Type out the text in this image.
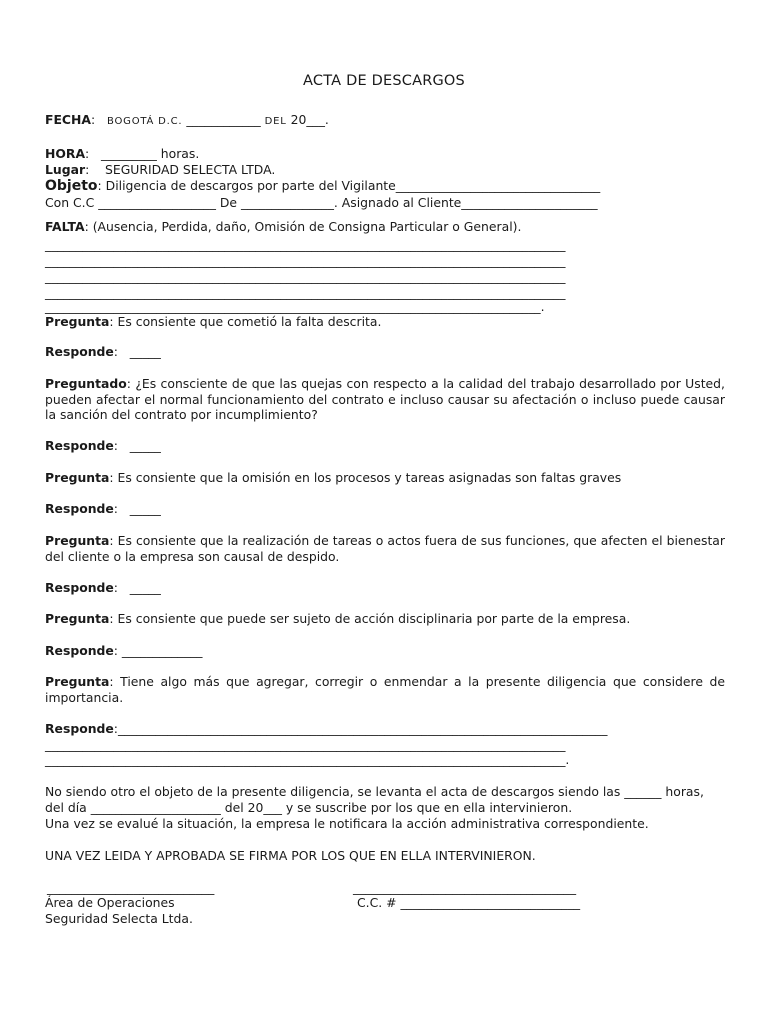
ACTA DE DESCARGOS
FECHA:   BOGOTÁ D.C. ____________ DEL 20___.
HORA:   _________ horas.
Lugar:    SEGURIDAD SELECTA LTDA.
Objeto: Diligencia de descargos por parte del Vigilante_________________________________
Con C.C ___________________ De _______________. Asignado al Cliente______________________
FALTA: (Ausencia, Perdida, daño, Omisión de Consigna Particular o General).
____________________________________________________________________________________
____________________________________________________________________________________
____________________________________________________________________________________
____________________________________________________________________________________
________________________________________________________________________________.
Pregunta: Es consiente que cometió la falta descrita.
Responde:   _____
Preguntado: ¿Es consciente de que las quejas con respecto a la calidad del trabajo desarrollado por Usted, pueden afectar el normal funcionamiento del contrato e incluso causar su afectación o incluso puede causar la sanción del contrato por incumplimiento?
Responde:   _____
Pregunta: Es consiente que la omisión en los procesos y tareas asignadas son faltas graves
Responde:   _____
Pregunta: Es consiente que la realización de tareas o actos fuera de sus funciones, que afecten el bienestar del cliente o la empresa son causal de despido.
Responde:   _____
Pregunta: Es consiente que puede ser sujeto de acción disciplinaria por parte de la empresa.
Responde: _____________
Pregunta: Tiene algo más que agregar, corregir o enmendar a la presente diligencia que considere de importancia.
Responde:_______________________________________________________________________________
____________________________________________________________________________________
____________________________________________________________________________________.
No siendo otro el objeto de la presente diligencia, se levanta el acta de descargos siendo las ______ horas,
del día _____________________ del 20___ y se suscribe por los que en ella intervinieron.
Una vez se evalué la situación, la empresa le notificara la acción administrativa correspondiente.
UNA VEZ LEIDA Y APROBADA SE FIRMA POR LOS QUE EN ELLA INTERVINIERON.
___________________________
Área de Operaciones
Seguridad Selecta Ltda.
____________________________________
C.C. # _____________________________
